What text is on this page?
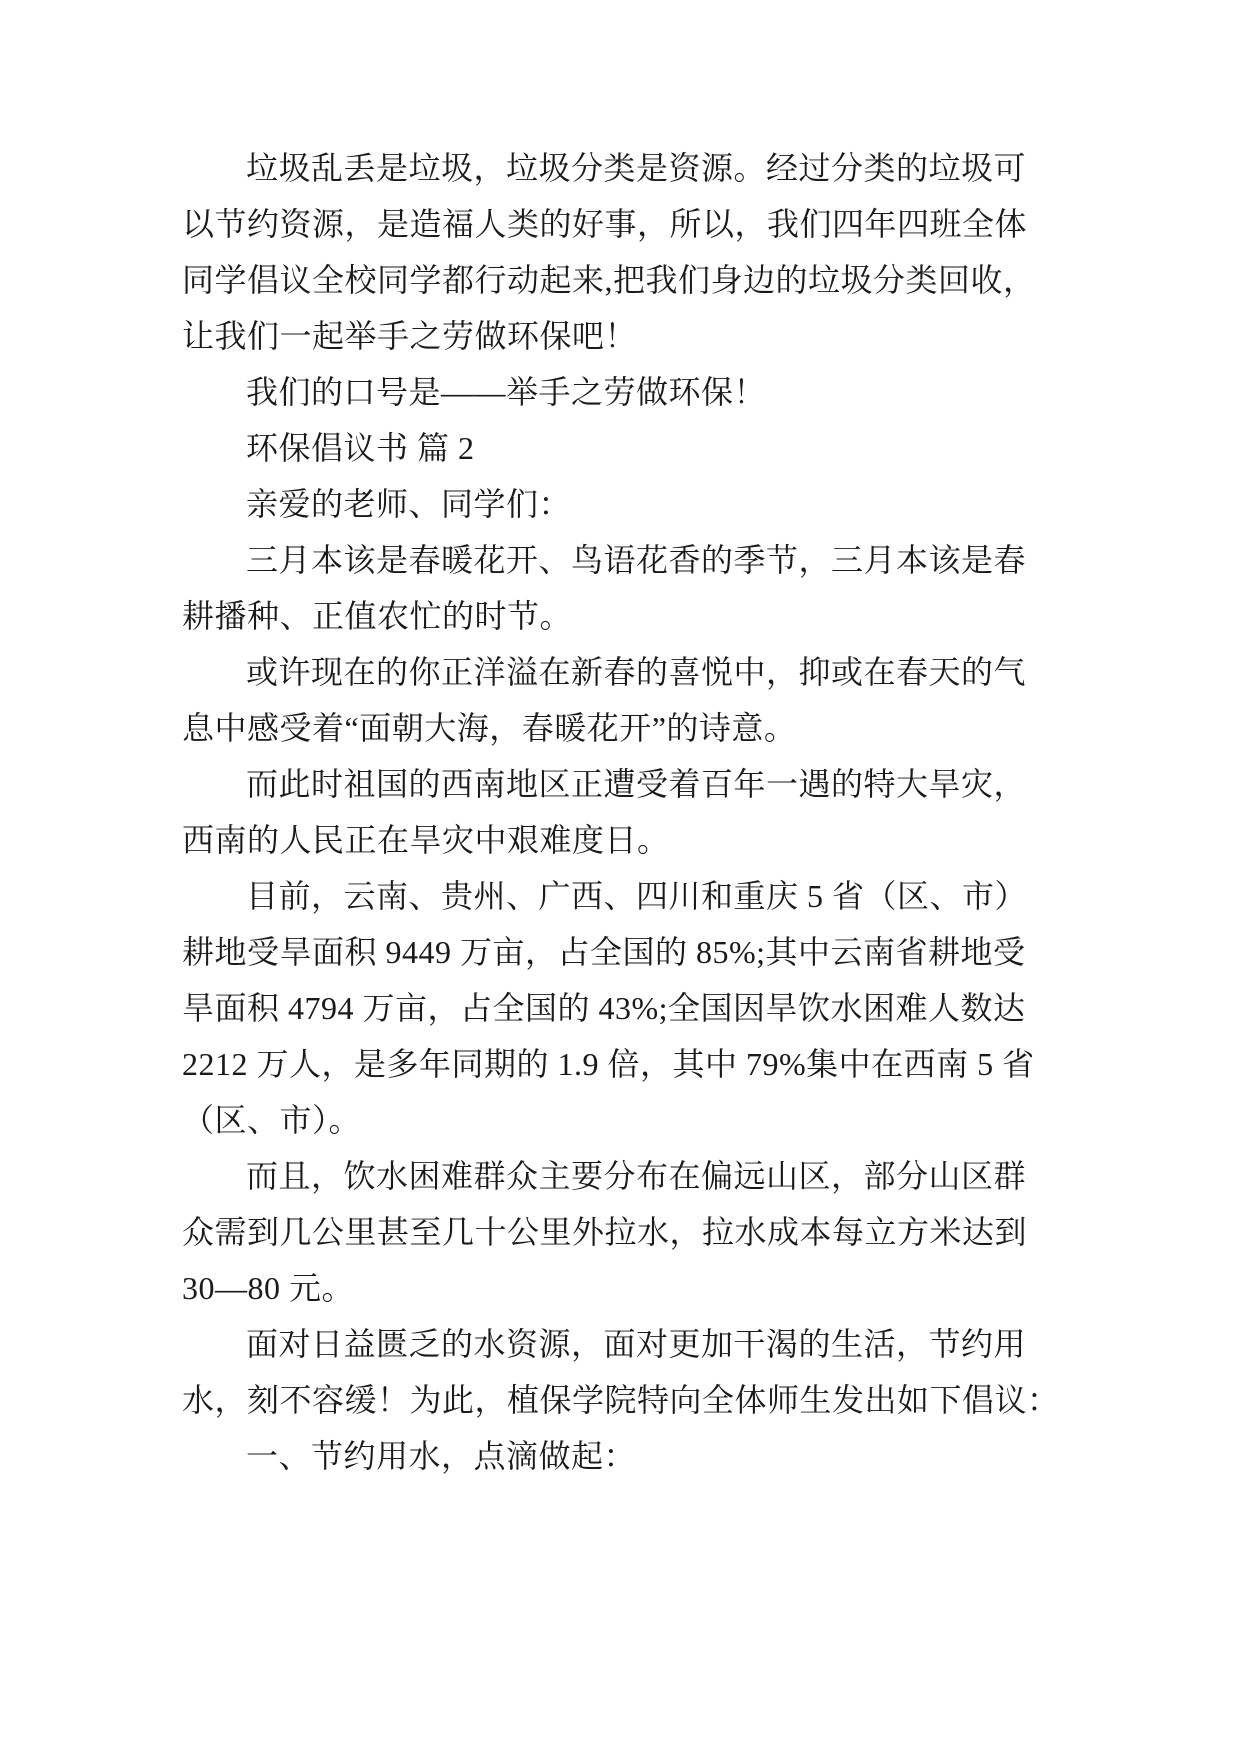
垃圾乱丢是垃圾，垃圾分类是资源。经过分类的垃圾可
以节约资源，是造福人类的好事，所以，我们四年四班全体
同学倡议全校同学都行动起来,把我们身边的垃圾分类回收，
让我们一起举手之劳做环保吧！
我们的口号是——举手之劳做环保！
环保倡议书 篇 2
亲爱的老师、同学们：
三月本该是春暖花开、鸟语花香的季节，三月本该是春
耕播种、正值农忙的时节。
或许现在的你正洋溢在新春的喜悦中，抑或在春天的气
息中感受着“面朝大海，春暖花开”的诗意。
而此时祖国的西南地区正遭受着百年一遇的特大旱灾，
西南的人民正在旱灾中艰难度日。
目前，云南、贵州、广西、四川和重庆 5 省（区、市）
耕地受旱面积 9449 万亩，占全国的 85%;其中云南省耕地受
旱面积 4794 万亩，占全国的 43%;全国因旱饮水困难人数达
2212 万人，是多年同期的 1.9 倍，其中 79%集中在西南 5 省
（区、市）。
而且，饮水困难群众主要分布在偏远山区，部分山区群
众需到几公里甚至几十公里外拉水，拉水成本每立方米达到
30—80 元。
面对日益匮乏的水资源，面对更加干渴的生活，节约用
水，刻不容缓！为此，植保学院特向全体师生发出如下倡议：
一、节约用水，点滴做起：
